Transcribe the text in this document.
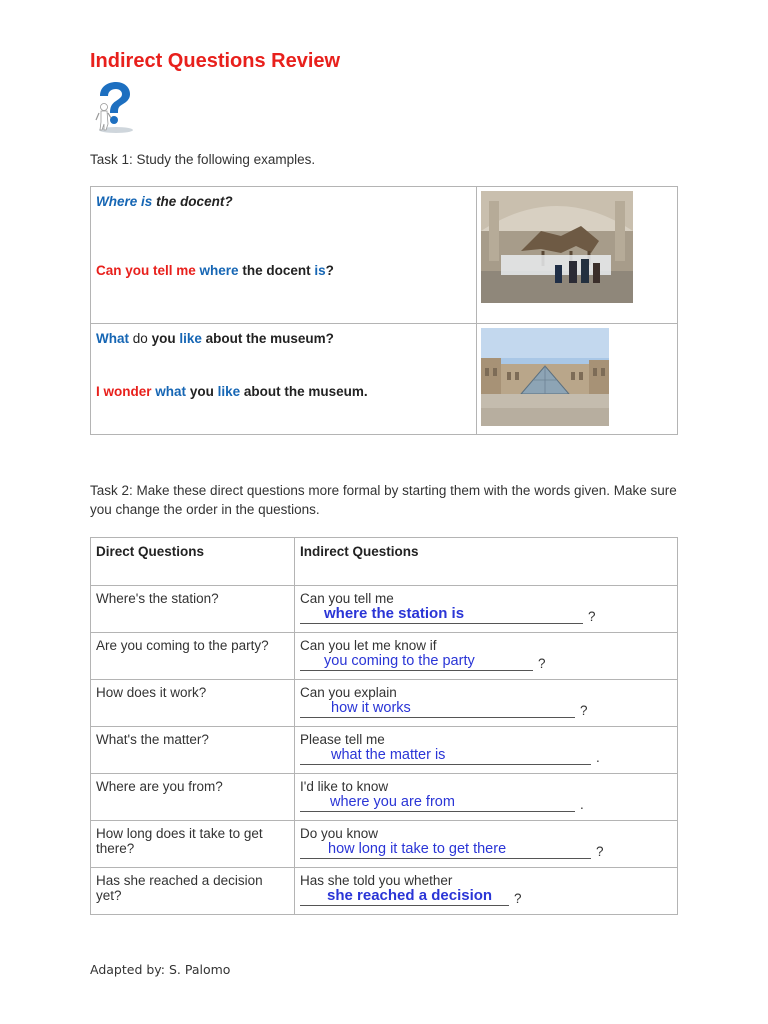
Indirect Questions Review
Task 1: Study the following examples.
Where is the docent?
Can you tell me where the docent is?

What do you like about the museum?
I wonder what you like about the museum.

Task 2: Make these direct questions more formal by starting them with the words given. Make sure you change the order in the questions.
Direct Questions	Indirect Questions
Where's the station?	Can you tell me
where the station is ?

Are you coming to the party?	Can you let me know if
you coming to the party ?

How does it work?	Can you explain
how it works ?

What's the matter?	Please tell me
what the matter is .

Where are you from?	I'd like to know
where you are from .

How long does it take to get there?	Do you know
how long it take to get there ?

Has she reached a decision yet?	Has she told you whether
she reached a decision ?
Adapted by: S. Palomo
